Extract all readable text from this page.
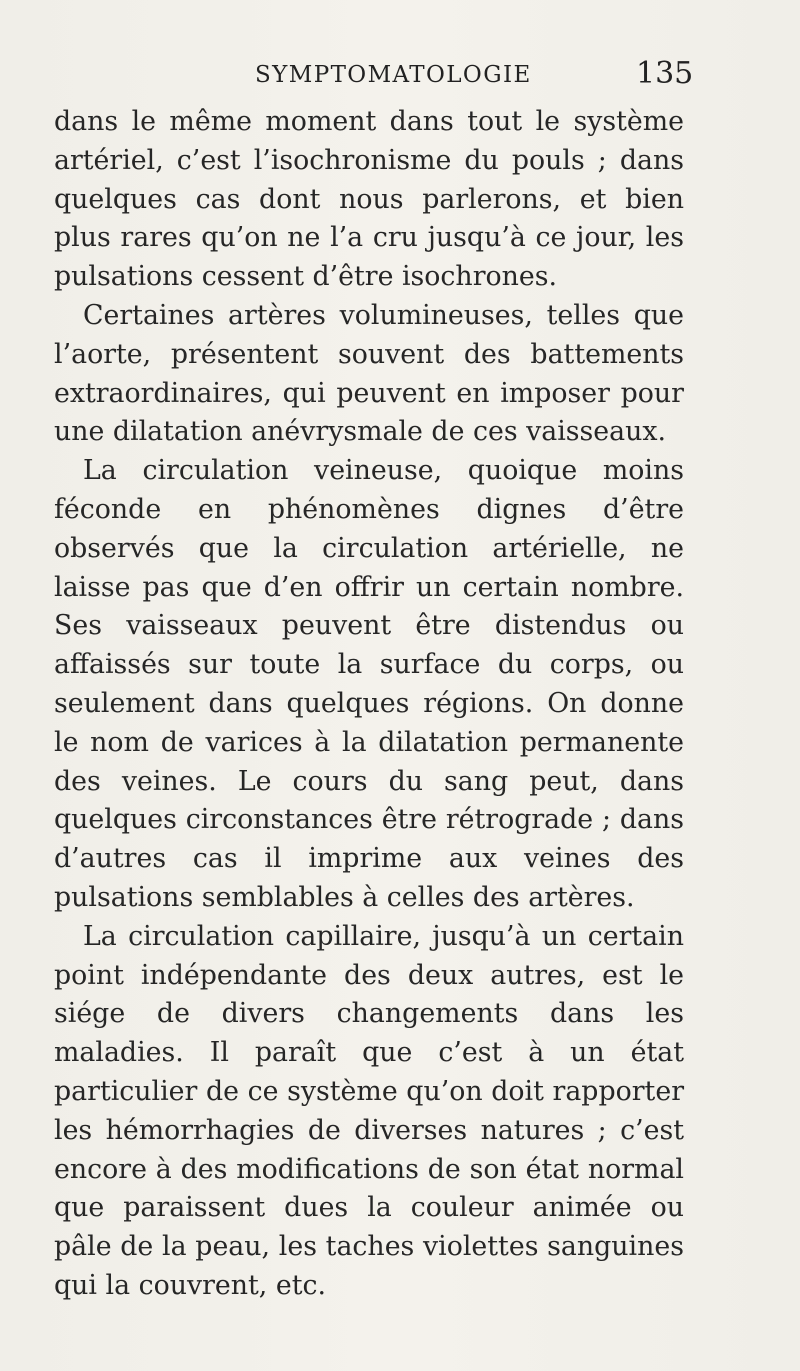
SYMPTOMATOLOGIE	135

dans le même moment dans tout le système artériel, c’est l’isochronisme du pouls ; dans quelques cas dont nous parlerons, et bien plus rares qu’on ne l’a cru jusqu’à ce jour, les pulsations cessent d’être isochrones.

Certaines artères volumineuses, telles que l’aorte, présentent souvent des battements extraordinaires, qui peuvent en imposer pour une dilatation anévrysmale de ces vaisseaux.

La circulation veineuse, quoique moins féconde en phénomènes dignes d’être observés que la circulation artérielle, ne laisse pas que d’en offrir un certain nombre. Ses vaisseaux peuvent être distendus ou affaissés sur toute la surface du corps, ou seulement dans quelques régions. On donne le nom de varices à la dilatation permanente des veines. Le cours du sang peut, dans quelques circonstances être rétrograde ; dans d’autres cas il imprime aux veines des pulsations semblables à celles des artères.

La circulation capillaire, jusqu’à un certain point indépendante des deux autres, est le siége de divers changements dans les maladies. Il paraît que c’est à un état particulier de ce système qu’on doit rapporter les hémorrhagies de diverses natures ; c’est encore à des modifications de son état normal que paraissent dues la couleur animée ou pâle de la peau, les taches violettes sanguines qui la couvrent, etc.
